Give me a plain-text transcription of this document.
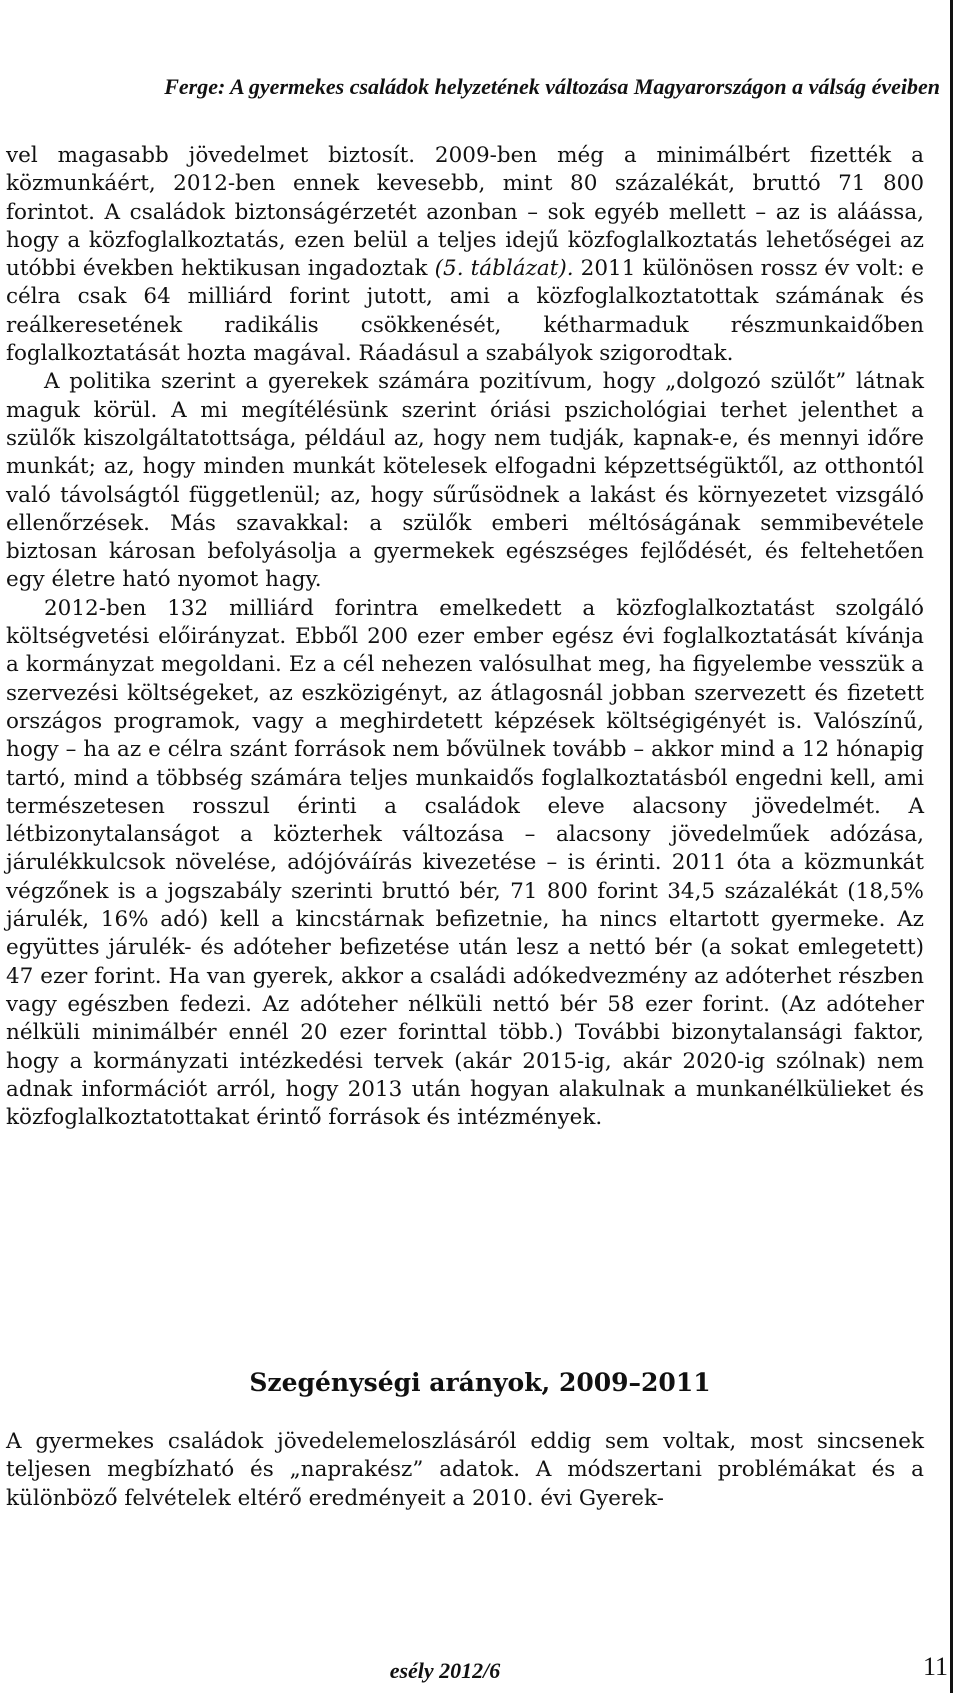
Ferge: A gyermekes családok helyzetének változása Magyarországon a válság éveiben

vel magasabb jövedelmet biztosít. 2009-ben még a minimálbért fizették a közmunkáért, 2012-ben ennek kevesebb, mint 80 százalékát, bruttó 71 800 forintot. A családok biztonságérzetét azonban – sok egyéb mellett – az is aláássa, hogy a közfoglalkoztatás, ezen belül a teljes idejű közfoglalkoztatás lehetőségei az utóbbi években hektikusan ingadoztak (5. táblázat). 2011 különösen rossz év volt: e célra csak 64 milliárd forint jutott, ami a közfoglalkoztatottak számának és reálkeresetének radikális csökkenését, kétharmaduk részmunkaidőben foglalkoztatását hozta magával. Ráadásul a szabályok szigorodtak.

A politika szerint a gyerekek számára pozitívum, hogy „dolgozó szülőt” látnak maguk körül. A mi megítélésünk szerint óriási pszichológiai terhet jelenthet a szülők kiszolgáltatottsága, például az, hogy nem tudják, kapnak-e, és mennyi időre munkát; az, hogy minden munkát kötelesek elfogadni képzettségüktől, az otthontól való távolságtól függetlenül; az, hogy sűrűsödnek a lakást és környezetet vizsgáló ellenőrzések. Más szavakkal: a szülők emberi méltóságának semmibevétele biztosan károsan befolyásolja a gyermekek egészséges fejlődését, és feltehetően egy életre ható nyomot hagy.

2012-ben 132 milliárd forintra emelkedett a közfoglalkoztatást szolgáló költségvetési előirányzat. Ebből 200 ezer ember egész évi foglalkoztatását kívánja a kormányzat megoldani. Ez a cél nehezen valósulhat meg, ha figyelembe vesszük a szervezési költségeket, az eszközigényt, az átlagosnál jobban szervezett és fizetett országos programok, vagy a meghirdetett képzések költségigényét is. Valószínű, hogy – ha az e célra szánt források nem bővülnek tovább – akkor mind a 12 hónapig tartó, mind a többség számára teljes munkaidős foglalkoztatásból engedni kell, ami természetesen rosszul érinti a családok eleve alacsony jövedelmét. A létbizonytalanságot a közterhek változása – alacsony jövedelműek adózása, járulékkulcsok növelése, adójóváírás kivezetése – is érinti. 2011 óta a közmunkát végzőnek is a jogszabály szerinti bruttó bér, 71 800 forint 34,5 százalékát (18,5% járulék, 16% adó) kell a kincstárnak befizetnie, ha nincs eltartott gyermeke. Az együttes járulék- és adóteher befizetése után lesz a nettó bér (a sokat emlegetett) 47 ezer forint. Ha van gyerek, akkor a családi adókedvezmény az adóterhet részben vagy egészben fedezi. Az adóteher nélküli nettó bér 58 ezer forint. (Az adóteher nélküli minimálbér ennél 20 ezer forinttal több.) További bizonytalansági faktor, hogy a kormányzati intézkedési tervek (akár 2015-ig, akár 2020-ig szólnak) nem adnak információt arról, hogy 2013 után hogyan alakulnak a munkanélkülieket és közfoglalkoztatottakat érintő források és intézmények.

Szegénységi arányok, 2009–2011

A gyermekes családok jövedelemeloszlásáról eddig sem voltak, most sincsenek teljesen megbízható és „naprakész” adatok. A módszertani problémákat és a különböző felvételek eltérő eredményeit a 2010. évi Gyerek-

esély 2012/6	11
